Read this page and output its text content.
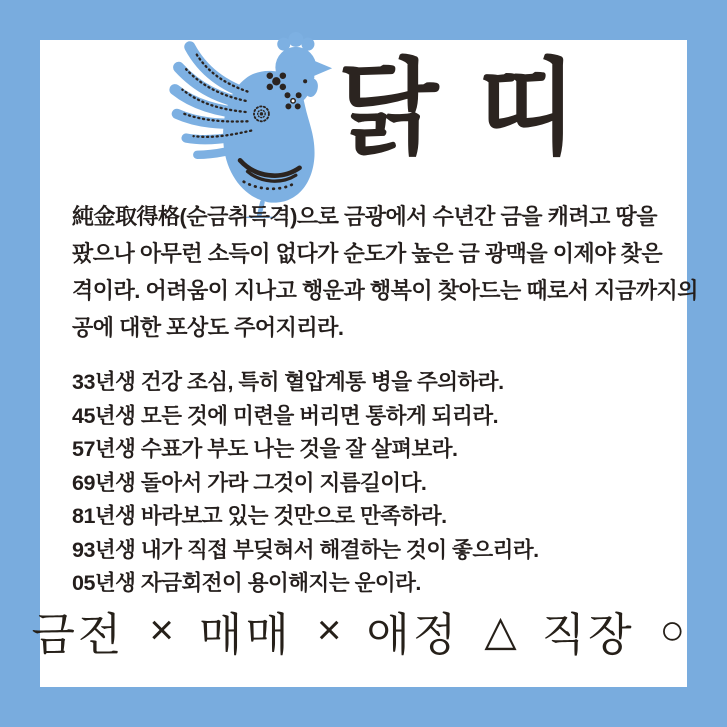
닭 띠
純金取得格(순금취득격)으로 금광에서 수년간 금을 캐려고 땅을
팠으나 아무런 소득이 없다가 순도가 높은 금 광맥을 이제야 찾은
격이라. 어려움이 지나고 행운과 행복이 찾아드는 때로서 지금까지의
공에 대한 포상도 주어지리라.
33년생 건강 조심, 특히 혈압계통 병을 주의하라.
45년생 모든 것에 미련을 버리면 통하게 되리라.
57년생 수표가 부도 나는 것을 잘 살펴보라.
69년생 돌아서 가라 그것이 지름길이다.
81년생 바라보고 있는 것만으로 만족하라.
93년생 내가 직접 부딪혀서 해결하는 것이 좋으리라.
05년생 자금회전이 용이해지는 운이라.
금전 × 매매 × 애정 △ 직장 ○
